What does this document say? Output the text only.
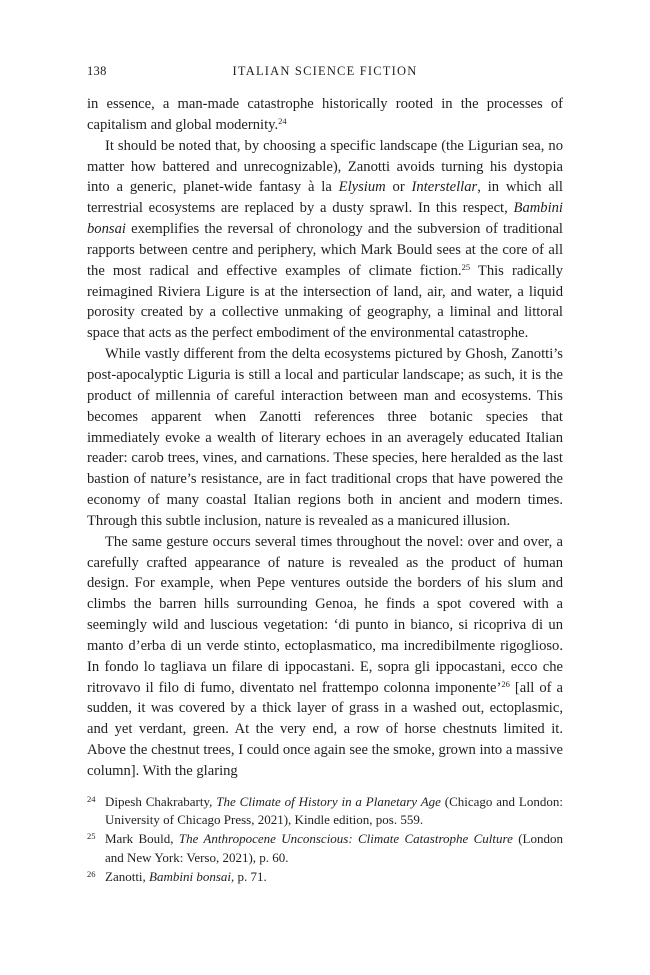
138	ITALIAN SCIENCE FICTION

in essence, a man-made catastrophe historically rooted in the processes of capitalism and global modernity.$^{24}$

It should be noted that, by choosing a specific landscape (the Ligurian sea, no matter how battered and unrecognizable), Zanotti avoids turning his dystopia into a generic, planet-wide fantasy à la Elysium or Interstellar, in which all terrestrial ecosystems are replaced by a dusty sprawl. In this respect, Bambini bonsai exemplifies the reversal of chronology and the subversion of traditional rapports between centre and periphery, which Mark Bould sees at the core of all the most radical and effective examples of climate fiction.$^{25}$ This radically reimagined Riviera Ligure is at the intersection of land, air, and water, a liquid porosity created by a collective unmaking of geography, a liminal and littoral space that acts as the perfect embodiment of the environmental catastrophe.

While vastly different from the delta ecosystems pictured by Ghosh, Zanotti’s post-apocalyptic Liguria is still a local and particular landscape; as such, it is the product of millennia of careful interaction between man and ecosystems. This becomes apparent when Zanotti references three botanic species that immediately evoke a wealth of literary echoes in an averagely educated Italian reader: carob trees, vines, and carnations. These species, here heralded as the last bastion of nature’s resistance, are in fact traditional crops that have powered the economy of many coastal Italian regions both in ancient and modern times. Through this subtle inclusion, nature is revealed as a manicured illusion.

The same gesture occurs several times throughout the novel: over and over, a carefully crafted appearance of nature is revealed as the product of human design. For example, when Pepe ventures outside the borders of his slum and climbs the barren hills surrounding Genoa, he finds a spot covered with a seemingly wild and luscious vegetation: ‘di punto in bianco, si ricopriva di un manto d’erba di un verde stinto, ectoplasmatico, ma incredibilmente rigoglioso. In fondo lo tagliava un filare di ippocastani. E, sopra gli ippocastani, ecco che ritrovavo il filo di fumo, diventato nel frattempo colonna imponente’$^{26}$ [all of a sudden, it was covered by a thick layer of grass in a washed out, ectoplasmic, and yet verdant, green. At the very end, a row of horse chestnuts limited it. Above the chestnut trees, I could once again see the smoke, grown into a massive column]. With the glaring

24 Dipesh Chakrabarty, The Climate of History in a Planetary Age (Chicago and London: University of Chicago Press, 2021), Kindle edition, pos. 559.
25 Mark Bould, The Anthropocene Unconscious: Climate Catastrophe Culture (London and New York: Verso, 2021), p. 60.
26 Zanotti, Bambini bonsai, p. 71.
